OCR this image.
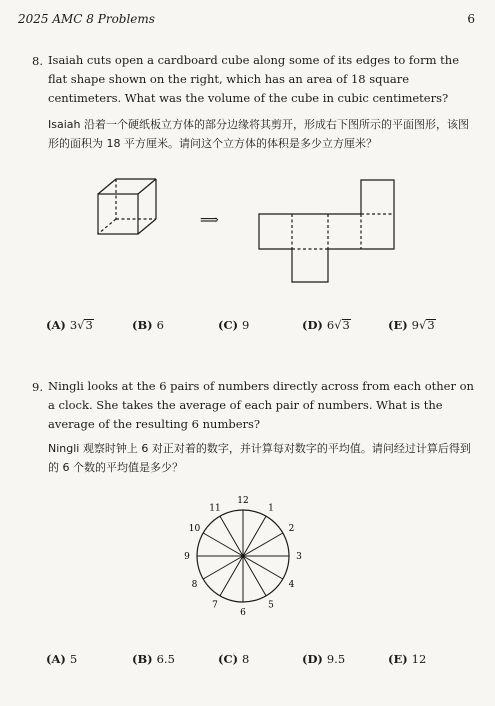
2025 AMC 8 Problems	6
8. Isaiah cuts open a cardboard cube along some of its edges to form the flat shape shown on the right, which has an area of 18 square centimeters. What was the volume of the cube in cubic centimeters?
Isaiah 沿着一个硬纸板立方体的部分边缘将其剪开，形成右下图所示的平面图形，该图形的面积为 18 平方厘米。请问这个立方体的体积是多少立方厘米？
⟹
(A) 3√3	(B) 6	(C) 9	(D) 6√3	(E) 9√3
9. Ningli looks at the 6 pairs of numbers directly across from each other on a clock. She takes the average of each pair of numbers. What is the average of the resulting 6 numbers?
Ningli 观察时钟上 6 对正对着的数字，并计算每对数字的平均值。请问经过计算后得到的 6 个数的平均值是多少？
12
1
2
3
4
5
6
7
8
9
10
11
(A) 5	(B) 6.5	(C) 8	(D) 9.5	(E) 12
